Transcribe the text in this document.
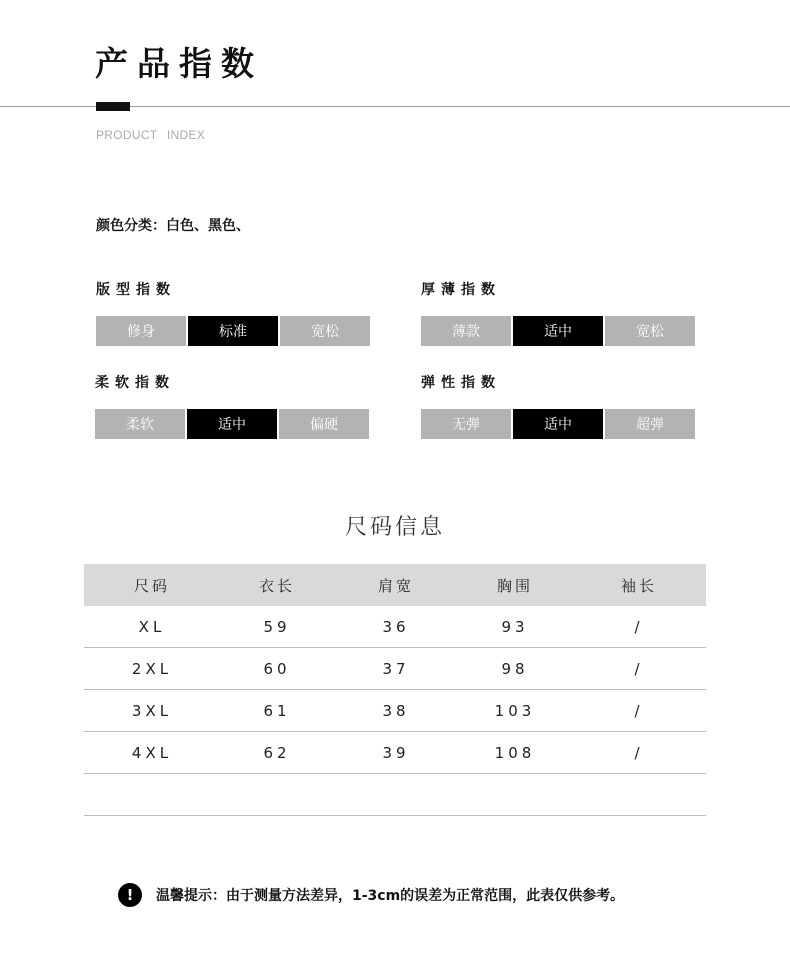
产品指数
PRODUCT INDEX
颜色分类：白色、黑色、
版型指数
修身	标准	宽松
厚薄指数
薄款	适中	宽松
柔软指数
柔软	适中	偏硬
弹性指数
无弹	适中	超弹
尺码信息
尺码	衣长	肩宽	胸围	袖长
XL	59	36	93	/
2XL	60	37	98	/
3XL	61	38	103	/
4XL	62	39	108	/

!	温馨提示：由于测量方法差异，1-3cm的误差为正常范围，此表仅供参考。
